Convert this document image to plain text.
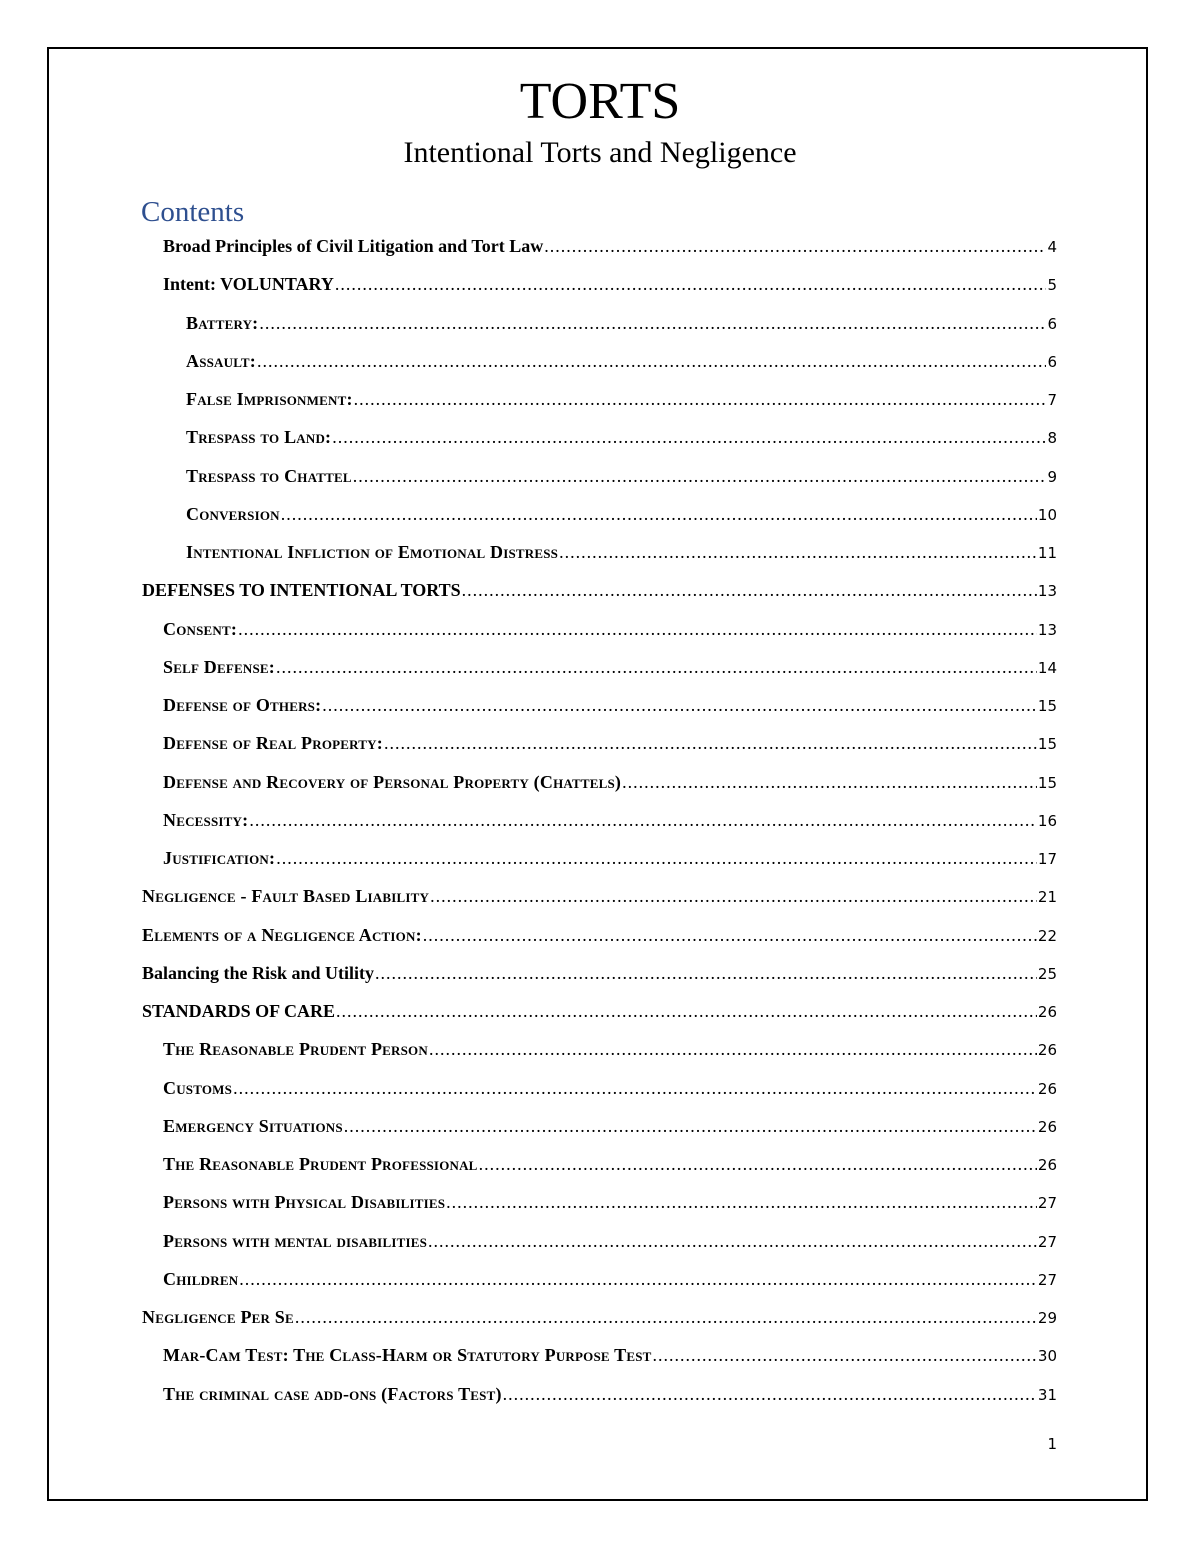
TORTS
Intentional Torts and Negligence
Contents
Broad Principles of Civil Litigation and Tort Law .....	4
Intent: VOLUNTARY .....	5
Battery: .....	6
Assault: .....	6
False Imprisonment: .....	7
Trespass to Land: .....	8
Trespass to Chattel .....	9
Conversion .....	10
Intentional Infliction of Emotional Distress .....	11
DEFENSES TO INTENTIONAL TORTS .....	13
Consent: .....	13
Self Defense: .....	14
Defense of Others: .....	15
Defense of Real Property: .....	15
Defense and Recovery of Personal Property (Chattels) .....	15
Necessity: .....	16
Justification: .....	17
Negligence - Fault Based Liability .....	21
Elements of a Negligence Action: .....	22
Balancing the Risk and Utility .....	25
STANDARDS OF CARE .....	26
The Reasonable Prudent Person .....	26
Customs .....	26
Emergency Situations .....	26
The Reasonable Prudent Professional .....	26
Persons with Physical Disabilities .....	27
Persons with mental disabilities .....	27
Children .....	27
Negligence Per Se .....	29
Mar-Cam Test: The Class-Harm or Statutory Purpose Test .....	30
The criminal case add-ons (Factors Test) .....	31
1
